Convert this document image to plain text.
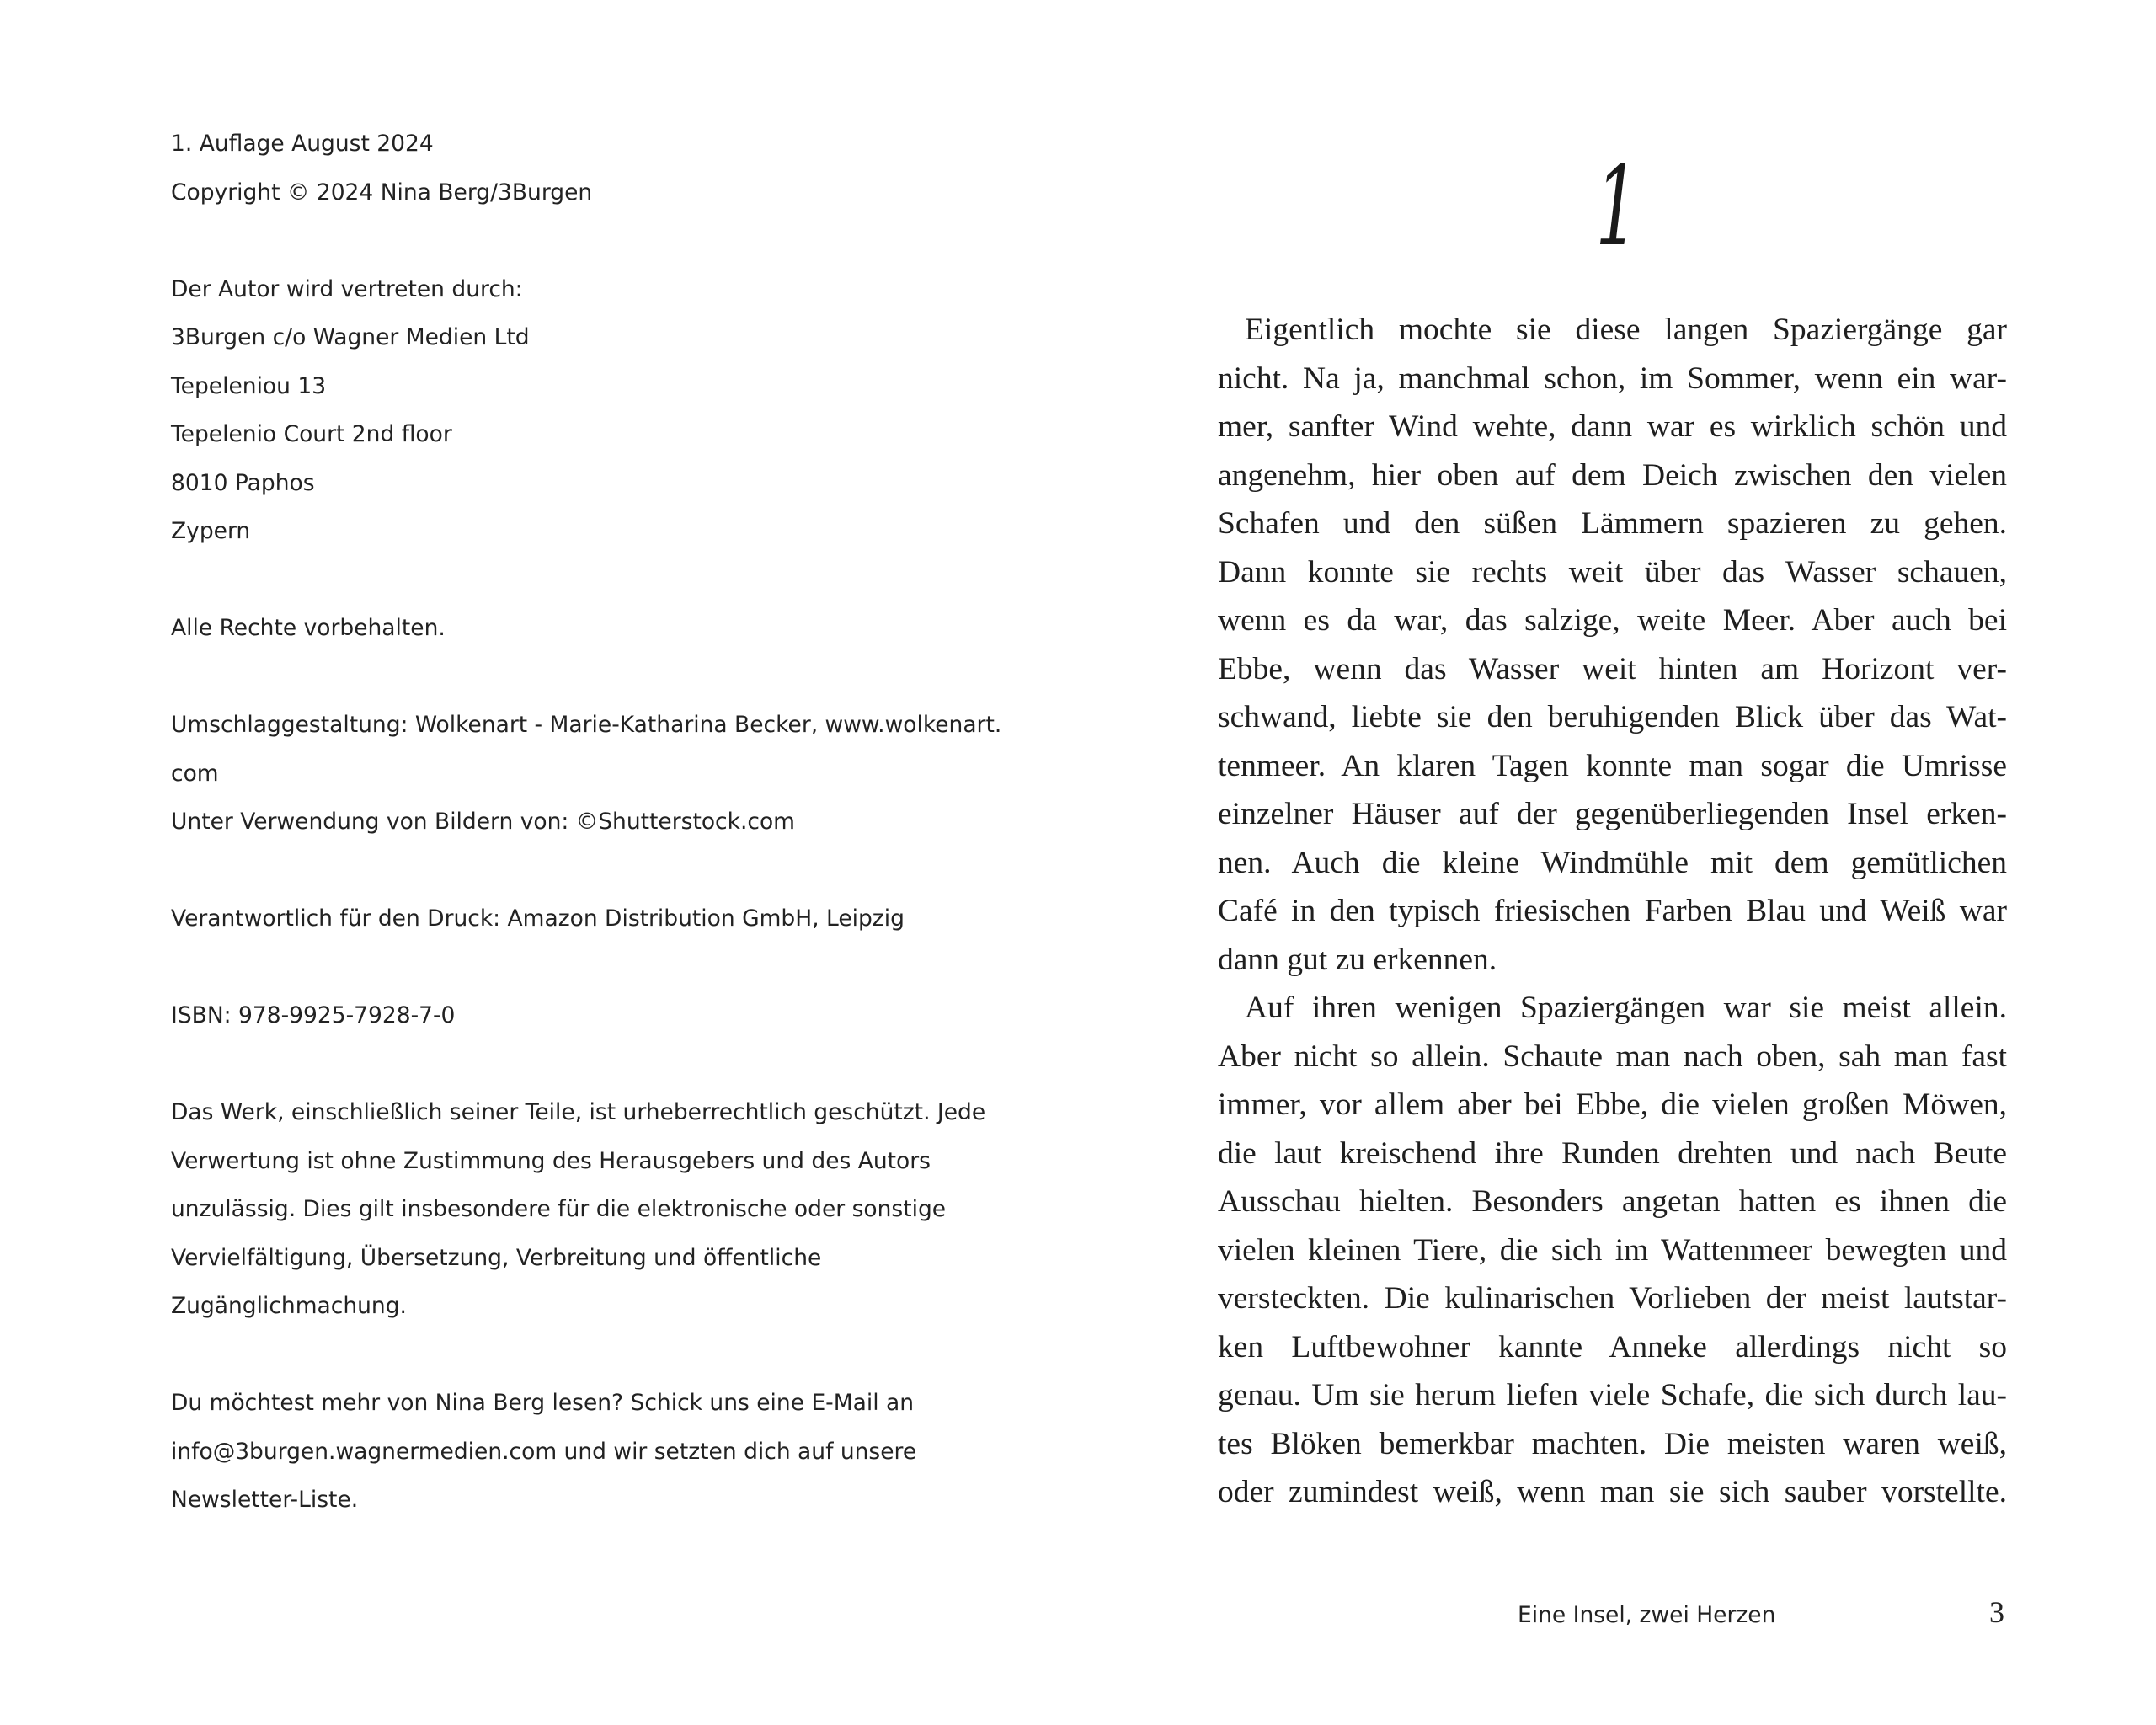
1. Auflage August 2024
Copyright © 2024 Nina Berg/3Burgen
Der Autor wird vertreten durch:
3Burgen c/o Wagner Medien Ltd
Tepeleniou 13
Tepelenio Court 2nd floor
8010 Paphos
Zypern
Alle Rechte vorbehalten.
Umschlaggestaltung: Wolkenart - Marie-Katharina Becker, www.wolkenart.
com
Unter Verwendung von Bildern von: ©Shutterstock.com
Verantwortlich für den Druck: Amazon Distribution GmbH, Leipzig
ISBN: 978-9925-7928-7-0
Das Werk, einschließlich seiner Teile, ist urheberrechtlich geschützt. Jede
Verwertung ist ohne Zustimmung des Herausgebers und des Autors
unzulässig. Dies gilt insbesondere für die elektronische oder sonstige
Vervielfältigung, Übersetzung, Verbreitung und öffentliche
Zugänglichmachung.
Du möchtest mehr von Nina Berg lesen? Schick uns eine E-Mail an
info@3burgen.wagnermedien.com und wir setzten dich auf unsere
Newsletter-Liste.
1
Eigentlich mochte sie diese langen Spaziergänge gar
nicht. Na ja, manchmal schon, im Sommer, wenn ein war-
mer, sanfter Wind wehte, dann war es wirklich schön und
angenehm, hier oben auf dem Deich zwischen den vielen
Schafen und den süßen Lämmern spazieren zu gehen.
Dann konnte sie rechts weit über das Wasser schauen,
wenn es da war, das salzige, weite Meer. Aber auch bei
Ebbe, wenn das Wasser weit hinten am Horizont ver-
schwand, liebte sie den beruhigenden Blick über das Wat-
tenmeer. An klaren Tagen konnte man sogar die Umrisse
einzelner Häuser auf der gegenüberliegenden Insel erken-
nen. Auch die kleine Windmühle mit dem gemütlichen
Café in den typisch friesischen Farben Blau und Weiß war
dann gut zu erkennen.
Auf ihren wenigen Spaziergängen war sie meist allein.
Aber nicht so allein. Schaute man nach oben, sah man fast
immer, vor allem aber bei Ebbe, die vielen großen Möwen,
die laut kreischend ihre Runden drehten und nach Beute
Ausschau hielten. Besonders angetan hatten es ihnen die
vielen kleinen Tiere, die sich im Wattenmeer bewegten und
versteckten. Die kulinarischen Vorlieben der meist lautstar-
ken Luftbewohner kannte Anneke allerdings nicht so
genau. Um sie herum liefen viele Schafe, die sich durch lau-
tes Blöken bemerkbar machten. Die meisten waren weiß,
oder zumindest weiß, wenn man sie sich sauber vorstellte.
Eine Insel, zwei Herzen	3
